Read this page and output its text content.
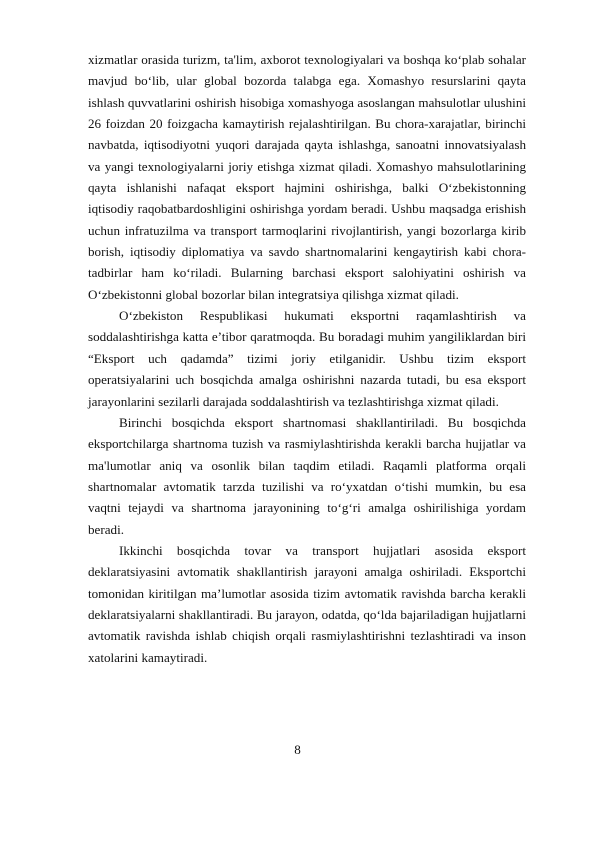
xizmatlar orasida turizm, ta'lim, axborot texnologiyalari va boshqa ko‘plab sohalar mavjud bo‘lib, ular global bozorda talabga ega. Xomashyo resurslarini qayta ishlash quvvatlarini oshirish hisobiga xomashyoga asoslangan mahsulotlar ulushini 26 foizdan 20 foizgacha kamaytirish rejalashtirilgan. Bu chora-xarajatlar, birinchi navbatda, iqtisodiyotni yuqori darajada qayta ishlashga, sanoatni innovatsiyalash va yangi texnologiyalarni joriy etishga xizmat qiladi. Xomashyo mahsulotlarining qayta ishlanishi nafaqat eksport hajmini oshirishga, balki O‘zbekistonning iqtisodiy raqobatbardoshligini oshirishga yordam beradi. Ushbu maqsadga erishish uchun infratuzilma va transport tarmoqlarini rivojlantirish, yangi bozorlarga kirib borish, iqtisodiy diplomatiya va savdo shartnomalarini kengaytirish kabi chora-tadbirlar ham ko‘riladi. Bularning barchasi eksport salohiyatini oshirish va O‘zbekistonni global bozorlar bilan integratsiya qilishga xizmat qiladi.

O‘zbekiston Respublikasi hukumati eksportni raqamlashtirish va soddalashtirishga katta e’tibor qaratmoqda. Bu boradagi muhim yangiliklardan biri “Eksport uch qadamda” tizimi joriy etilganidir. Ushbu tizim eksport operatsiyalarini uch bosqichda amalga oshirishni nazarda tutadi, bu esa eksport jarayonlarini sezilarli darajada soddalashtirish va tezlashtirishga xizmat qiladi.

Birinchi bosqichda eksport shartnomasi shakllantiriladi. Bu bosqichda eksportchilarga shartnoma tuzish va rasmiylashtirishda kerakli barcha hujjatlar va ma'lumotlar aniq va osonlik bilan taqdim etiladi. Raqamli platforma orqali shartnomalar avtomatik tarzda tuzilishi va ro‘yxatdan o‘tishi mumkin, bu esa vaqtni tejaydi va shartnoma jarayonining to‘g‘ri amalga oshirilishiga yordam beradi.

Ikkinchi bosqichda tovar va transport hujjatlari asosida eksport deklaratsiyasini avtomatik shakllantirish jarayoni amalga oshiriladi. Eksportchi tomonidan kiritilgan ma’lumotlar asosida tizim avtomatik ravishda barcha kerakli deklaratsiyalarni shakllantiradi. Bu jarayon, odatda, qo‘lda bajariladigan hujjatlarni avtomatik ravishda ishlab chiqish orqali rasmiylashtirishni tezlashtiradi va inson xatolarini kamaytiradi.

8
